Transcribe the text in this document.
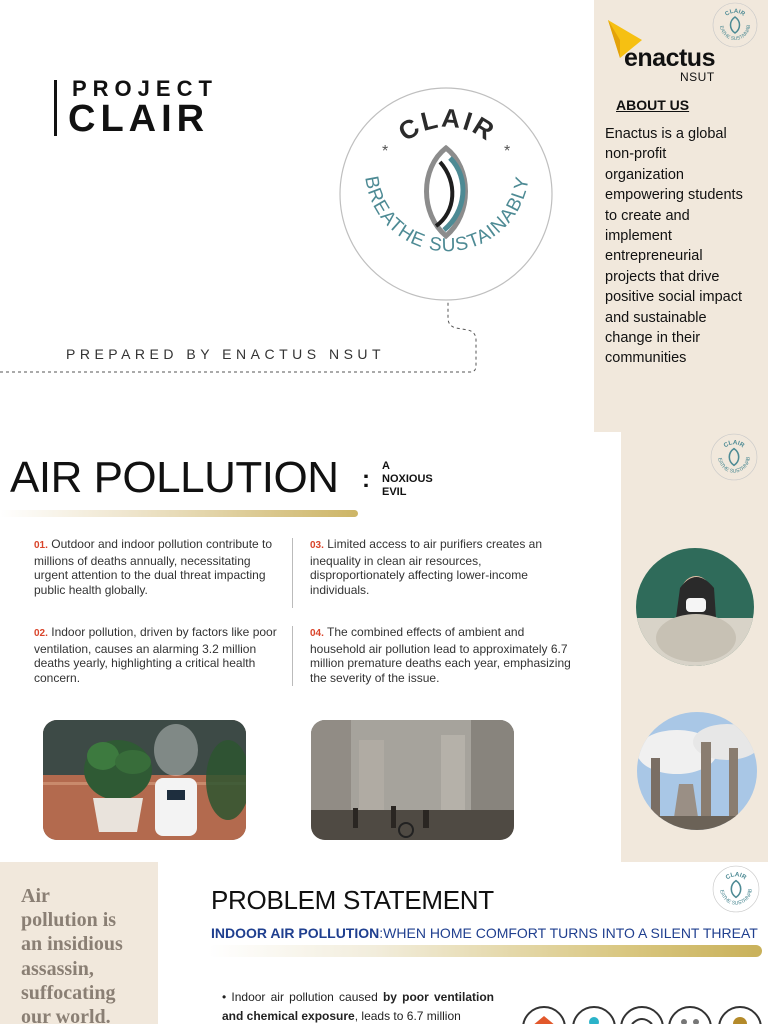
PROJECT
CLAIR	CLAIR
BREATHE SUSTAINABLY
*	*
PREPARED BY ENACTUS NSUT
enactus
NSUT
CLAIR
EATHE SUSTAINAB
ABOUT US
Enactus is a global non-profit organization empowering students to create and implement entrepreneurial projects that drive positive social impact and sustainable change in their communities
AIR POLLUTION : A
NOXIOUS
EVIL
CLAIR
EATHE SUSTAINAB
01. Outdoor and indoor pollution contribute to millions of deaths annually, necessitating urgent attention to the dual threat impacting public health globally.
02. Indoor pollution, driven by factors like poor ventilation, causes an alarming 3.2 million deaths yearly, highlighting a critical health concern.
03. Limited access to air purifiers creates an inequality in clean air resources, disproportionately affecting lower-income individuals.
04. The combined effects of ambient and household air pollution lead to approximately 6.7 million premature deaths each year, emphasizing the severity of the issue.
Air
pollution is
an insidious
assassin,
suffocating
our world.
PROBLEM STATEMENT
INDOOR AIR POLLUTION:WHEN HOME COMFORT TURNS INTO A SILENT THREAT
CLAIR
EATHE SUSTAINAB
• Indoor air pollution caused by poor ventilation and chemical exposure, leads to 6.7 million
